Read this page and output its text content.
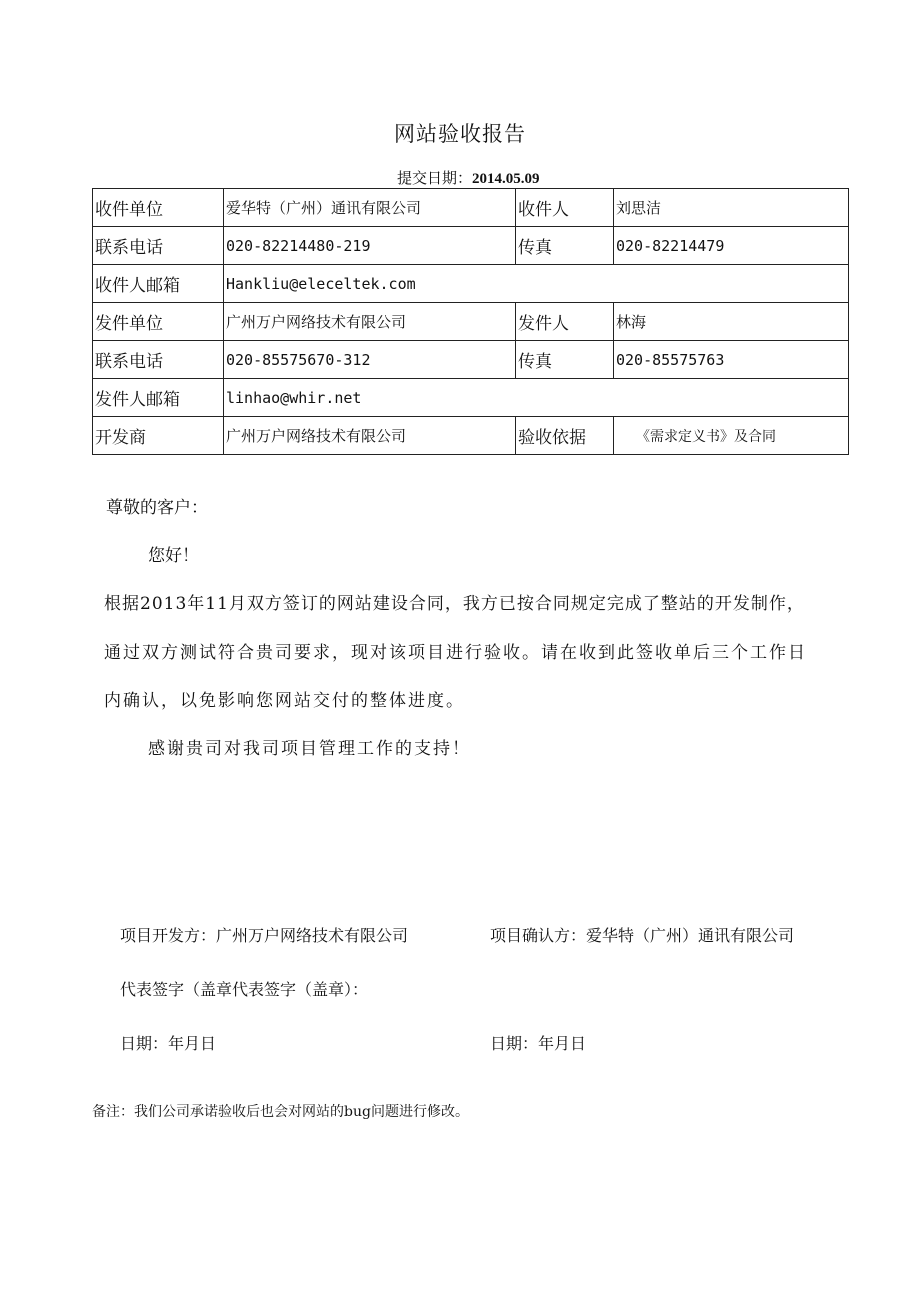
网站验收报告
提交日期：2014.05.09
收件单位	爱华特（广州）通讯有限公司	收件人	刘思洁
联系电话	020-82214480-219	传真	020-82214479
收件人邮箱	Hankliu@eleceltek.com		
发件单位	广州万户网络技术有限公司	发件人	林海
联系电话	020-85575670-312	传真	020-85575763
发件人邮箱	linhao@whir.net		
开发商	广州万户网络技术有限公司	验收依据	《需求定义书》及合同
尊敬的客户：
您好！
根据2013年11月双方签订的网站建设合同，我方已按合同规定完成了整站的开发制作，
通过双方测试符合贵司要求，现对该项目进行验收。请在收到此签收单后三个工作日
内确认，以免影响您网站交付的整体进度。
感谢贵司对我司项目管理工作的支持！
项目开发方：广州万户网络技术有限公司	项目确认方：爱华特（广州）通讯有限公司
代表签字（盖章代表签字（盖章）：
日期：年月日	日期：年月日
备注：我们公司承诺验收后也会对网站的bug问题进行修改。
